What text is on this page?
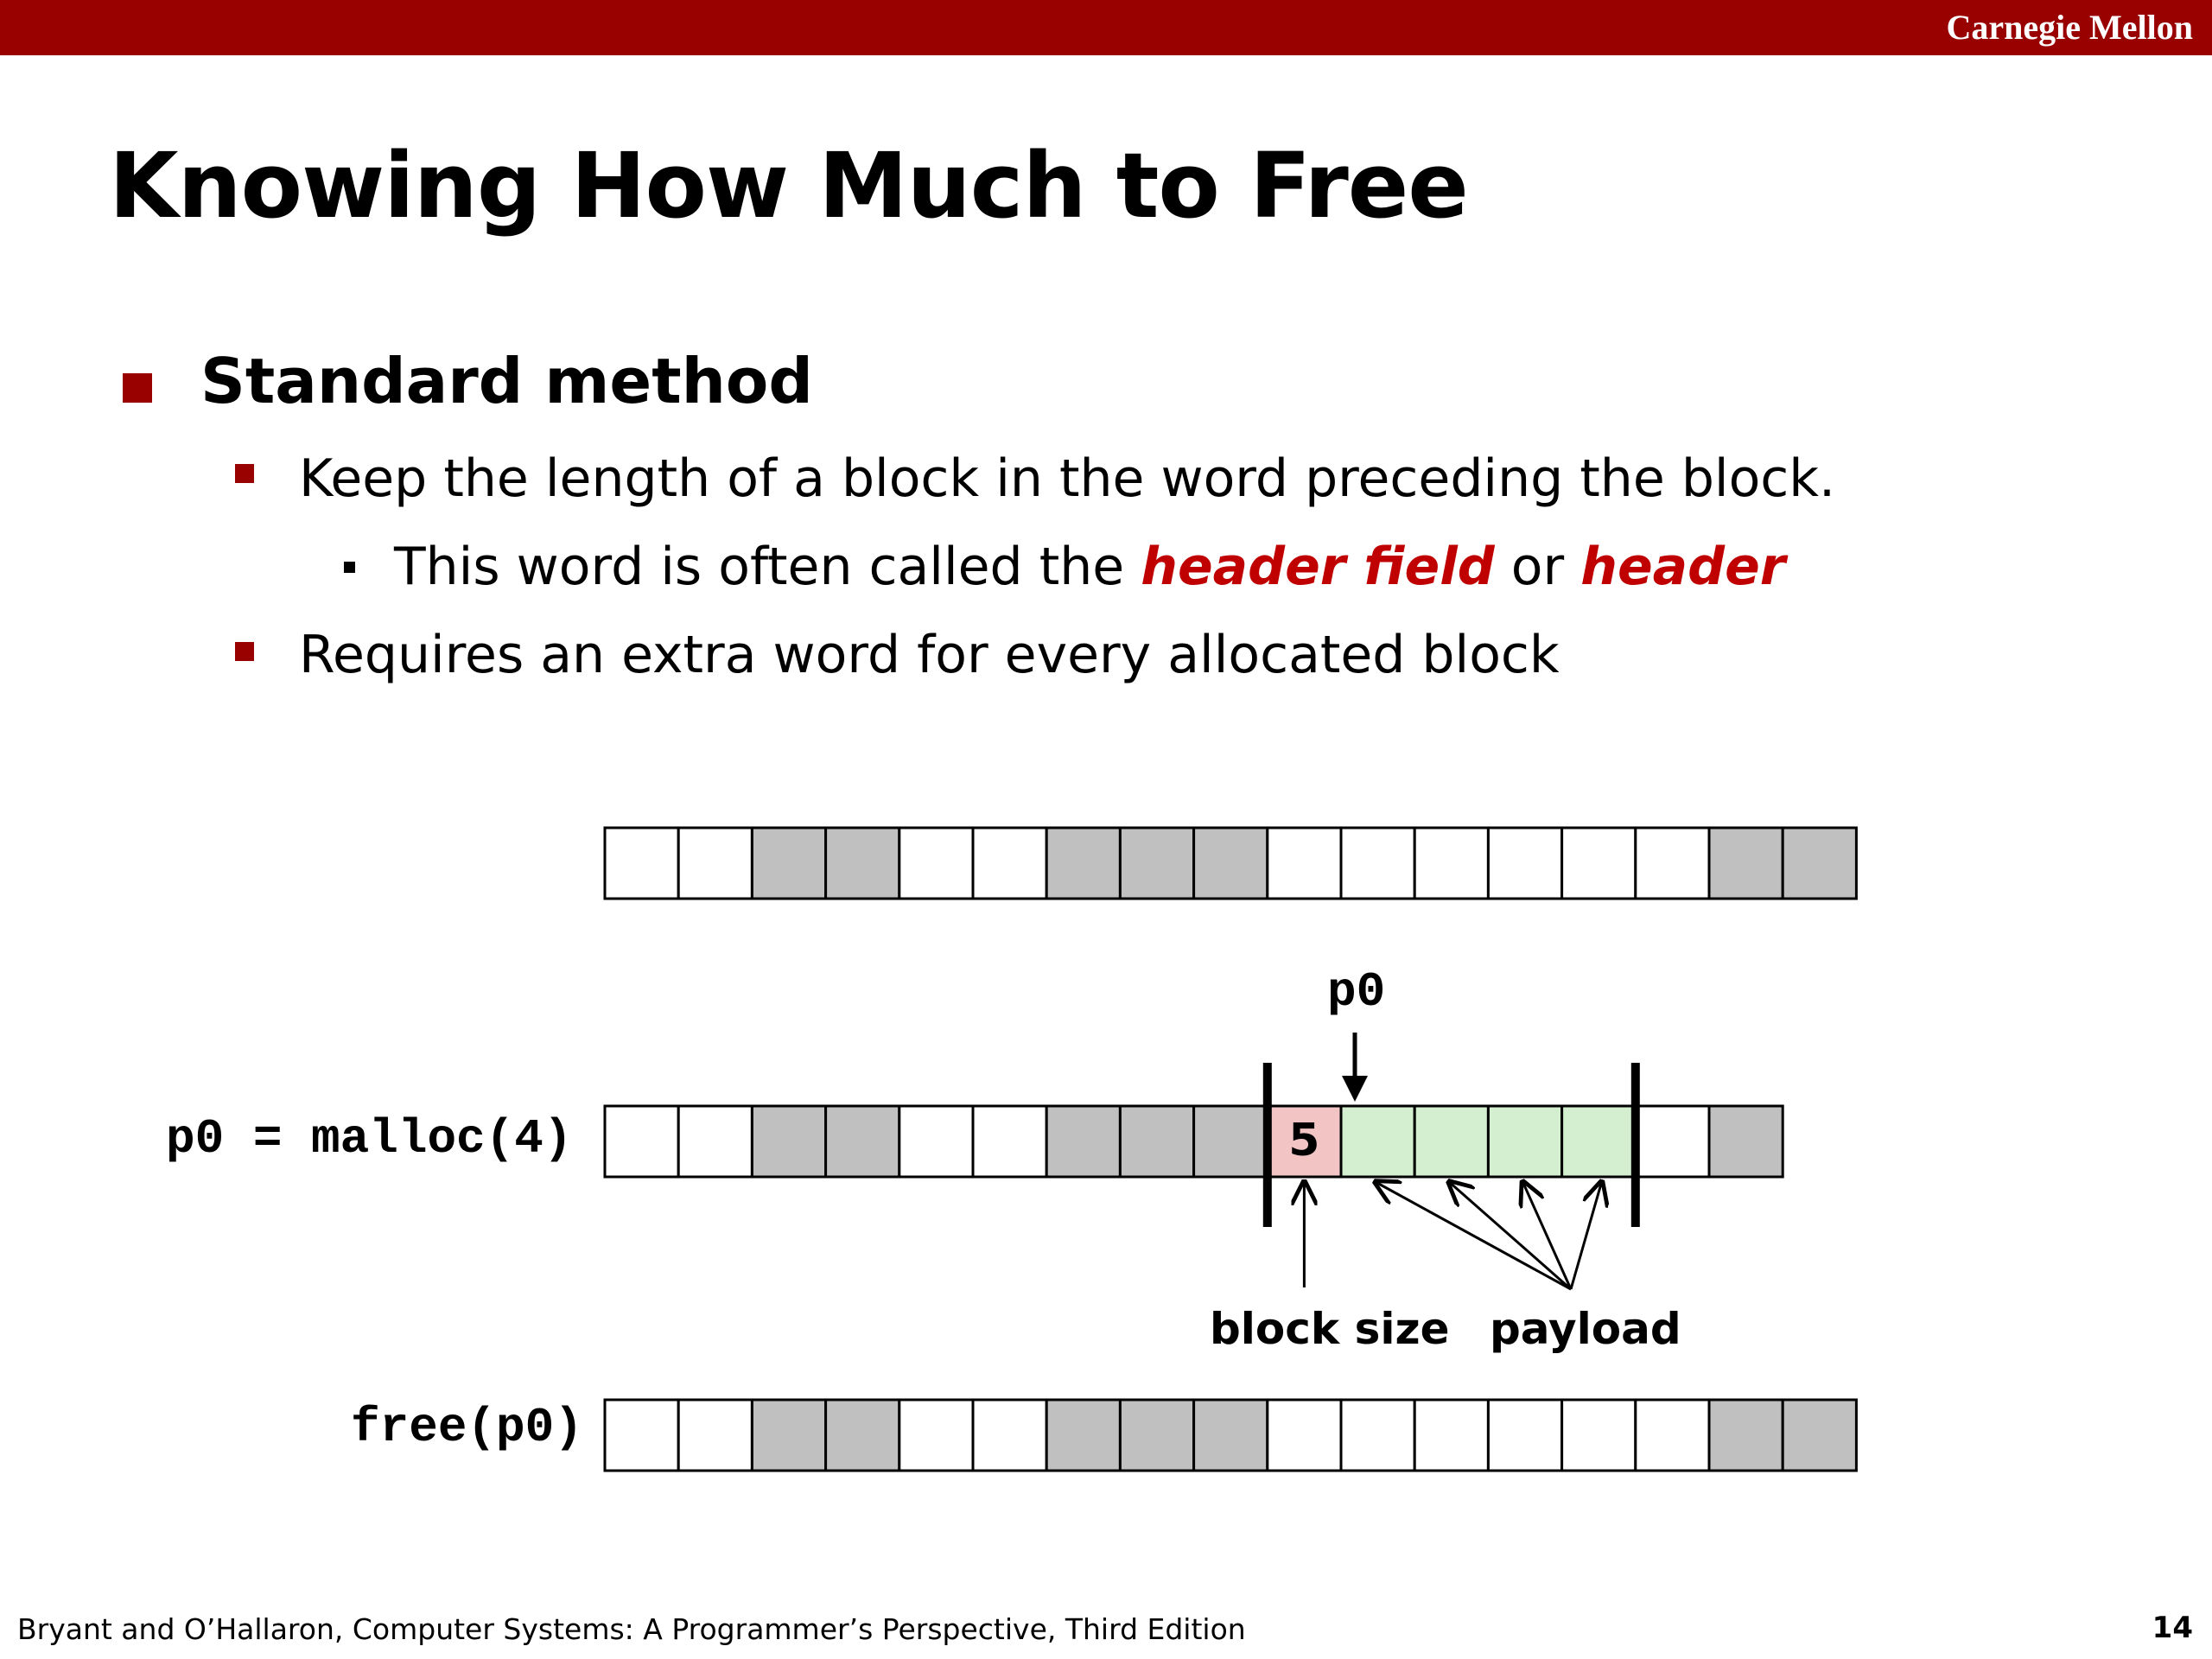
Carnegie Mellon
Knowing How Much to Free
Standard method
Keep the length of a block in the word preceding the block.
This word is often called the header field or header
Requires an extra word for every allocated block
5
p0 = malloc(4)
free(p0)
p0
block size payload
Bryant and O’Hallaron, Computer Systems: A Programmer’s Perspective, Third Edition	14
